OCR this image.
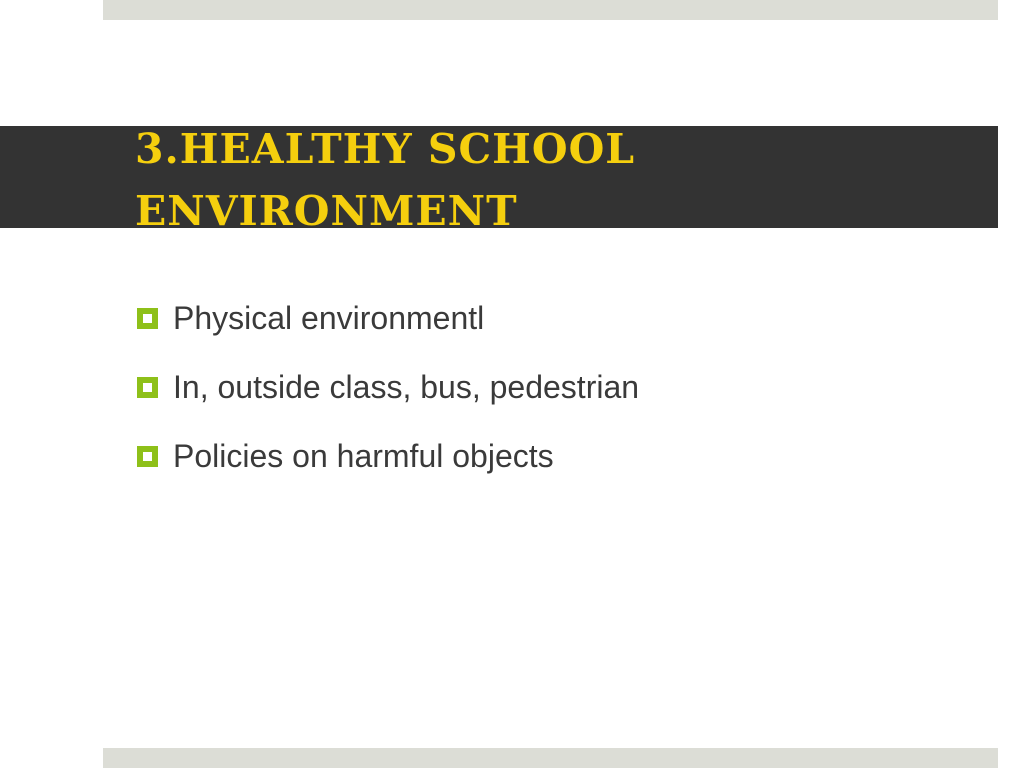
3.HEALTHY SCHOOL
ENVIRONMENT
Physical environmentl
In, outside class, bus, pedestrian
Policies on harmful objects
